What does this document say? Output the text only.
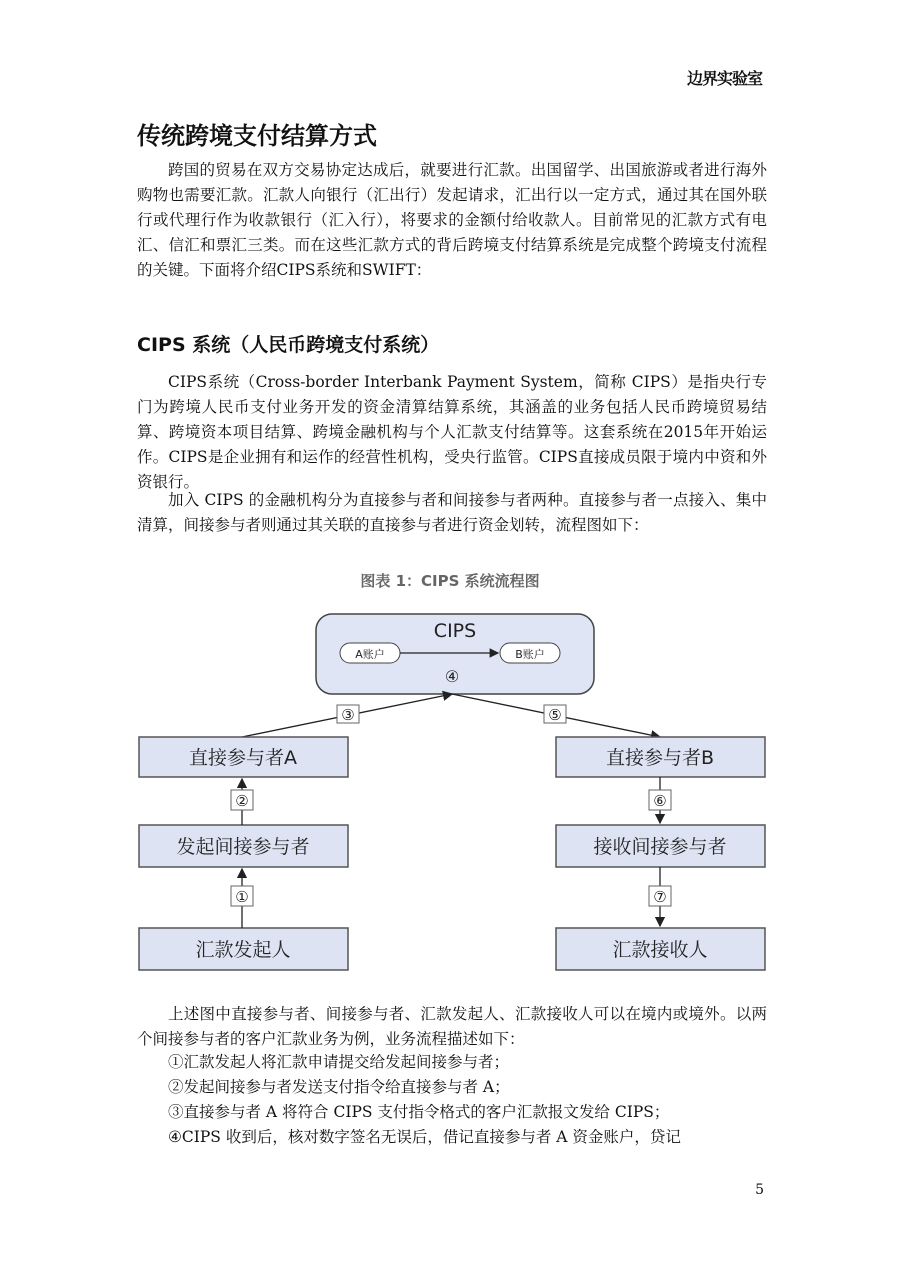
边界实验室
传统跨境支付结算方式

跨国的贸易在双方交易协定达成后，就要进行汇款。出国留学、出国旅游或者进行海外购物也需要汇款。汇款人向银行（汇出行）发起请求，汇出行以一定方式，通过其在国外联行或代理行作为收款银行（汇入行），将要求的金额付给收款人。目前常见的汇款方式有电汇、信汇和票汇三类。而在这些汇款方式的背后跨境支付结算系统是完成整个跨境支付流程的关键。下面将介绍CIPS系统和SWIFT：

CIPS 系统（人民币跨境支付系统）

CIPS系统（Cross-border Interbank Payment System，简称 CIPS）是指央行专门为跨境人民币支付业务开发的资金清算结算系统，其涵盖的业务包括人民币跨境贸易结算、跨境资本项目结算、跨境金融机构与个人汇款支付结算等。这套系统在2015年开始运作。CIPS是企业拥有和运作的经营性机构，受央行监管。CIPS直接成员限于境内中资和外资银行。

加入 CIPS 的金融机构分为直接参与者和间接参与者两种。直接参与者一点接入、集中清算，间接参与者则通过其关联的直接参与者进行资金划转，流程图如下：

图表 1：CIPS 系统流程图
CIPS
A账户	B账户
④
③	⑤
直接参与者A
发起间接参与者
汇款发起人
①
②
直接参与者B
接收间接参与者
汇款接收人
⑥
⑦

上述图中直接参与者、间接参与者、汇款发起人、汇款接收人可以在境内或境外。以两个间接参与者的客户汇款业务为例，业务流程描述如下：

①汇款发起人将汇款申请提交给发起间接参与者；
②发起间接参与者发送支付指令给直接参与者 A；
③直接参与者 A 将符合 CIPS 支付指令格式的客户汇款报文发给 CIPS；
④CIPS 收到后，核对数字签名无误后，借记直接参与者 A 资金账户，贷记
5
